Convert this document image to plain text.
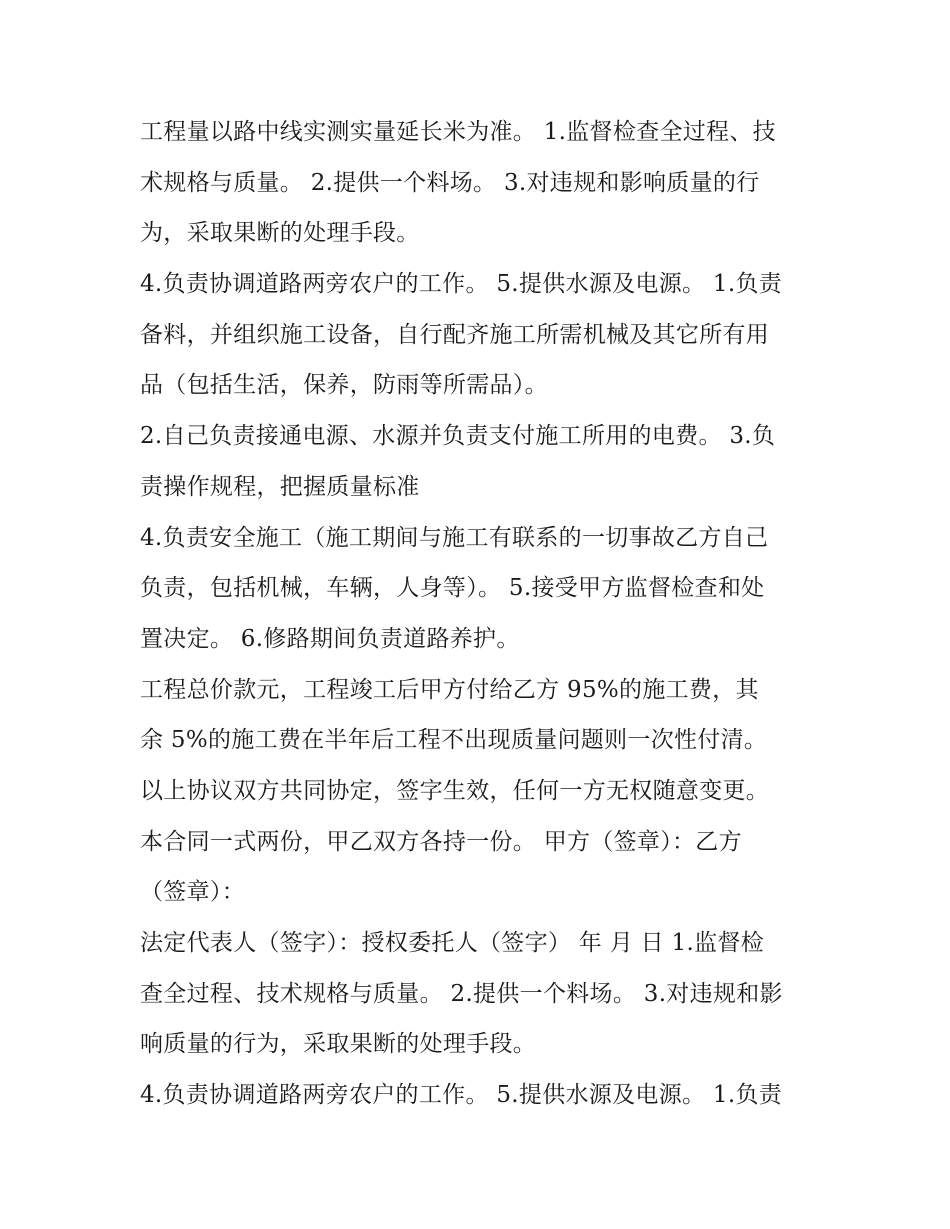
工程量以路中线实测实量延长米为准。 1.监督检查全过程、技
术规格与质量。 2.提供一个料场。 3.对违规和影响质量的行
为，采取果断的处理手段。
4.负责协调道路两旁农户的工作。 5.提供水源及电源。 1.负责
备料，并组织施工设备，自行配齐施工所需机械及其它所有用
品（包括生活，保养，防雨等所需品）。
2.自己负责接通电源、水源并负责支付施工所用的电费。 3.负
责操作规程，把握质量标准
4.负责安全施工（施工期间与施工有联系的一切事故乙方自己
负责，包括机械，车辆，人身等）。 5.接受甲方监督检查和处
置决定。 6.修路期间负责道路养护。
工程总价款元，工程竣工后甲方付给乙方 95%的施工费，其
余 5%的施工费在半年后工程不出现质量问题则一次性付清。
以上协议双方共同协定，签字生效，任何一方无权随意变更。
本合同一式两份，甲乙双方各持一份。 甲方（签章）：乙方
（签章）：
法定代表人（签字）：授权委托人（签字） 年 月 日 1.监督检
查全过程、技术规格与质量。 2.提供一个料场。 3.对违规和影
响质量的行为，采取果断的处理手段。
4.负责协调道路两旁农户的工作。 5.提供水源及电源。 1.负责
